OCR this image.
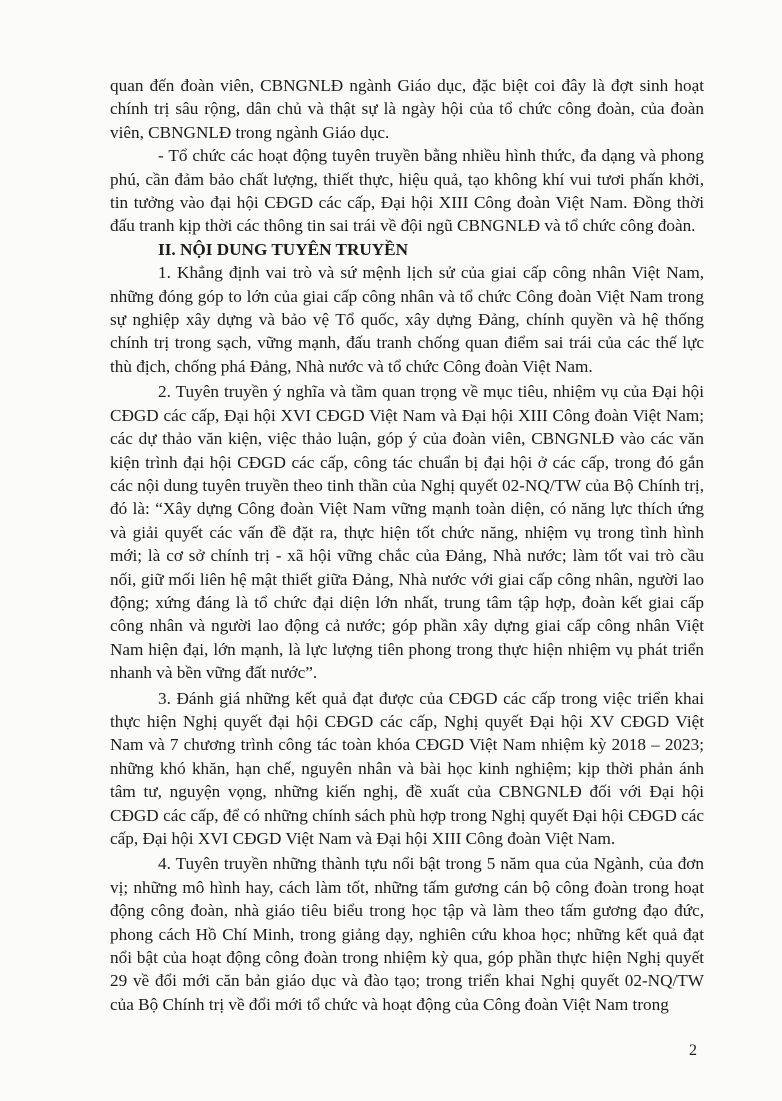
quan đến đoàn viên, CBNGNLĐ ngành Giáo dục, đặc biệt coi đây là đợt sinh hoạt chính trị sâu rộng, dân chủ và thật sự là ngày hội của tổ chức công đoàn, của đoàn viên, CBNGNLĐ trong ngành Giáo dục.

- Tổ chức các hoạt động tuyên truyền bằng nhiều hình thức, đa dạng và phong phú, cần đảm bảo chất lượng, thiết thực, hiệu quả, tạo không khí vui tươi phấn khởi, tin tưởng vào đại hội CĐGD các cấp, Đại hội XIII Công đoàn Việt Nam. Đồng thời đấu tranh kịp thời các thông tin sai trái về đội ngũ CBNGNLĐ và tổ chức công đoàn.

II. NỘI DUNG TUYÊN TRUYỀN

1. Khẳng định vai trò và sứ mệnh lịch sử của giai cấp công nhân Việt Nam, những đóng góp to lớn của giai cấp công nhân và tổ chức Công đoàn Việt Nam trong sự nghiệp xây dựng và bảo vệ Tổ quốc, xây dựng Đảng, chính quyền và hệ thống chính trị trong sạch, vững mạnh, đấu tranh chống quan điểm sai trái của các thế lực thù địch, chống phá Đảng, Nhà nước và tổ chức Công đoàn Việt Nam.

2. Tuyên truyền ý nghĩa và tầm quan trọng về mục tiêu, nhiệm vụ của Đại hội CĐGD các cấp, Đại hội XVI CĐGD Việt Nam và Đại hội XIII Công đoàn Việt Nam; các dự thảo văn kiện, việc thảo luận, góp ý của đoàn viên, CBNGNLĐ vào các văn kiện trình đại hội CĐGD các cấp, công tác chuẩn bị đại hội ở các cấp, trong đó gắn các nội dung tuyên truyền theo tinh thần của Nghị quyết 02-NQ/TW của Bộ Chính trị, đó là: “Xây dựng Công đoàn Việt Nam vững mạnh toàn diện, có năng lực thích ứng và giải quyết các vấn đề đặt ra, thực hiện tốt chức năng, nhiệm vụ trong tình hình mới; là cơ sở chính trị - xã hội vững chắc của Đảng, Nhà nước; làm tốt vai trò cầu nối, giữ mối liên hệ mật thiết giữa Đảng, Nhà nước với giai cấp công nhân, người lao động; xứng đáng là tổ chức đại diện lớn nhất, trung tâm tập hợp, đoàn kết giai cấp công nhân và người lao động cả nước; góp phần xây dựng giai cấp công nhân Việt Nam hiện đại, lớn mạnh, là lực lượng tiên phong trong thực hiện nhiệm vụ phát triển nhanh và bền vững đất nước”.

3. Đánh giá những kết quả đạt được của CĐGD các cấp trong việc triển khai thực hiện Nghị quyết đại hội CĐGD các cấp, Nghị quyết Đại hội XV CĐGD Việt Nam và 7 chương trình công tác toàn khóa CĐGD Việt Nam nhiệm kỳ 2018 – 2023; những khó khăn, hạn chế, nguyên nhân và bài học kinh nghiệm; kịp thời phản ánh tâm tư, nguyện vọng, những kiến nghị, đề xuất của CBNGNLĐ đối với Đại hội CĐGD các cấp, để có những chính sách phù hợp trong Nghị quyết Đại hội CĐGD các cấp, Đại hội XVI CĐGD Việt Nam và Đại hội XIII Công đoàn Việt Nam.

4. Tuyên truyền những thành tựu nổi bật trong 5 năm qua của Ngành, của đơn vị; những mô hình hay, cách làm tốt, những tấm gương cán bộ công đoàn trong hoạt động công đoàn, nhà giáo tiêu biểu trong học tập và làm theo tấm gương đạo đức, phong cách Hồ Chí Minh, trong giảng dạy, nghiên cứu khoa học; những kết quả đạt nổi bật của hoạt động công đoàn trong nhiệm kỳ qua, góp phần thực hiện Nghị quyết 29 về đổi mới căn bản giáo dục và đào tạo; trong triển khai Nghị quyết 02-NQ/TW của Bộ Chính trị về đổi mới tổ chức và hoạt động của Công đoàn Việt Nam trong

2
